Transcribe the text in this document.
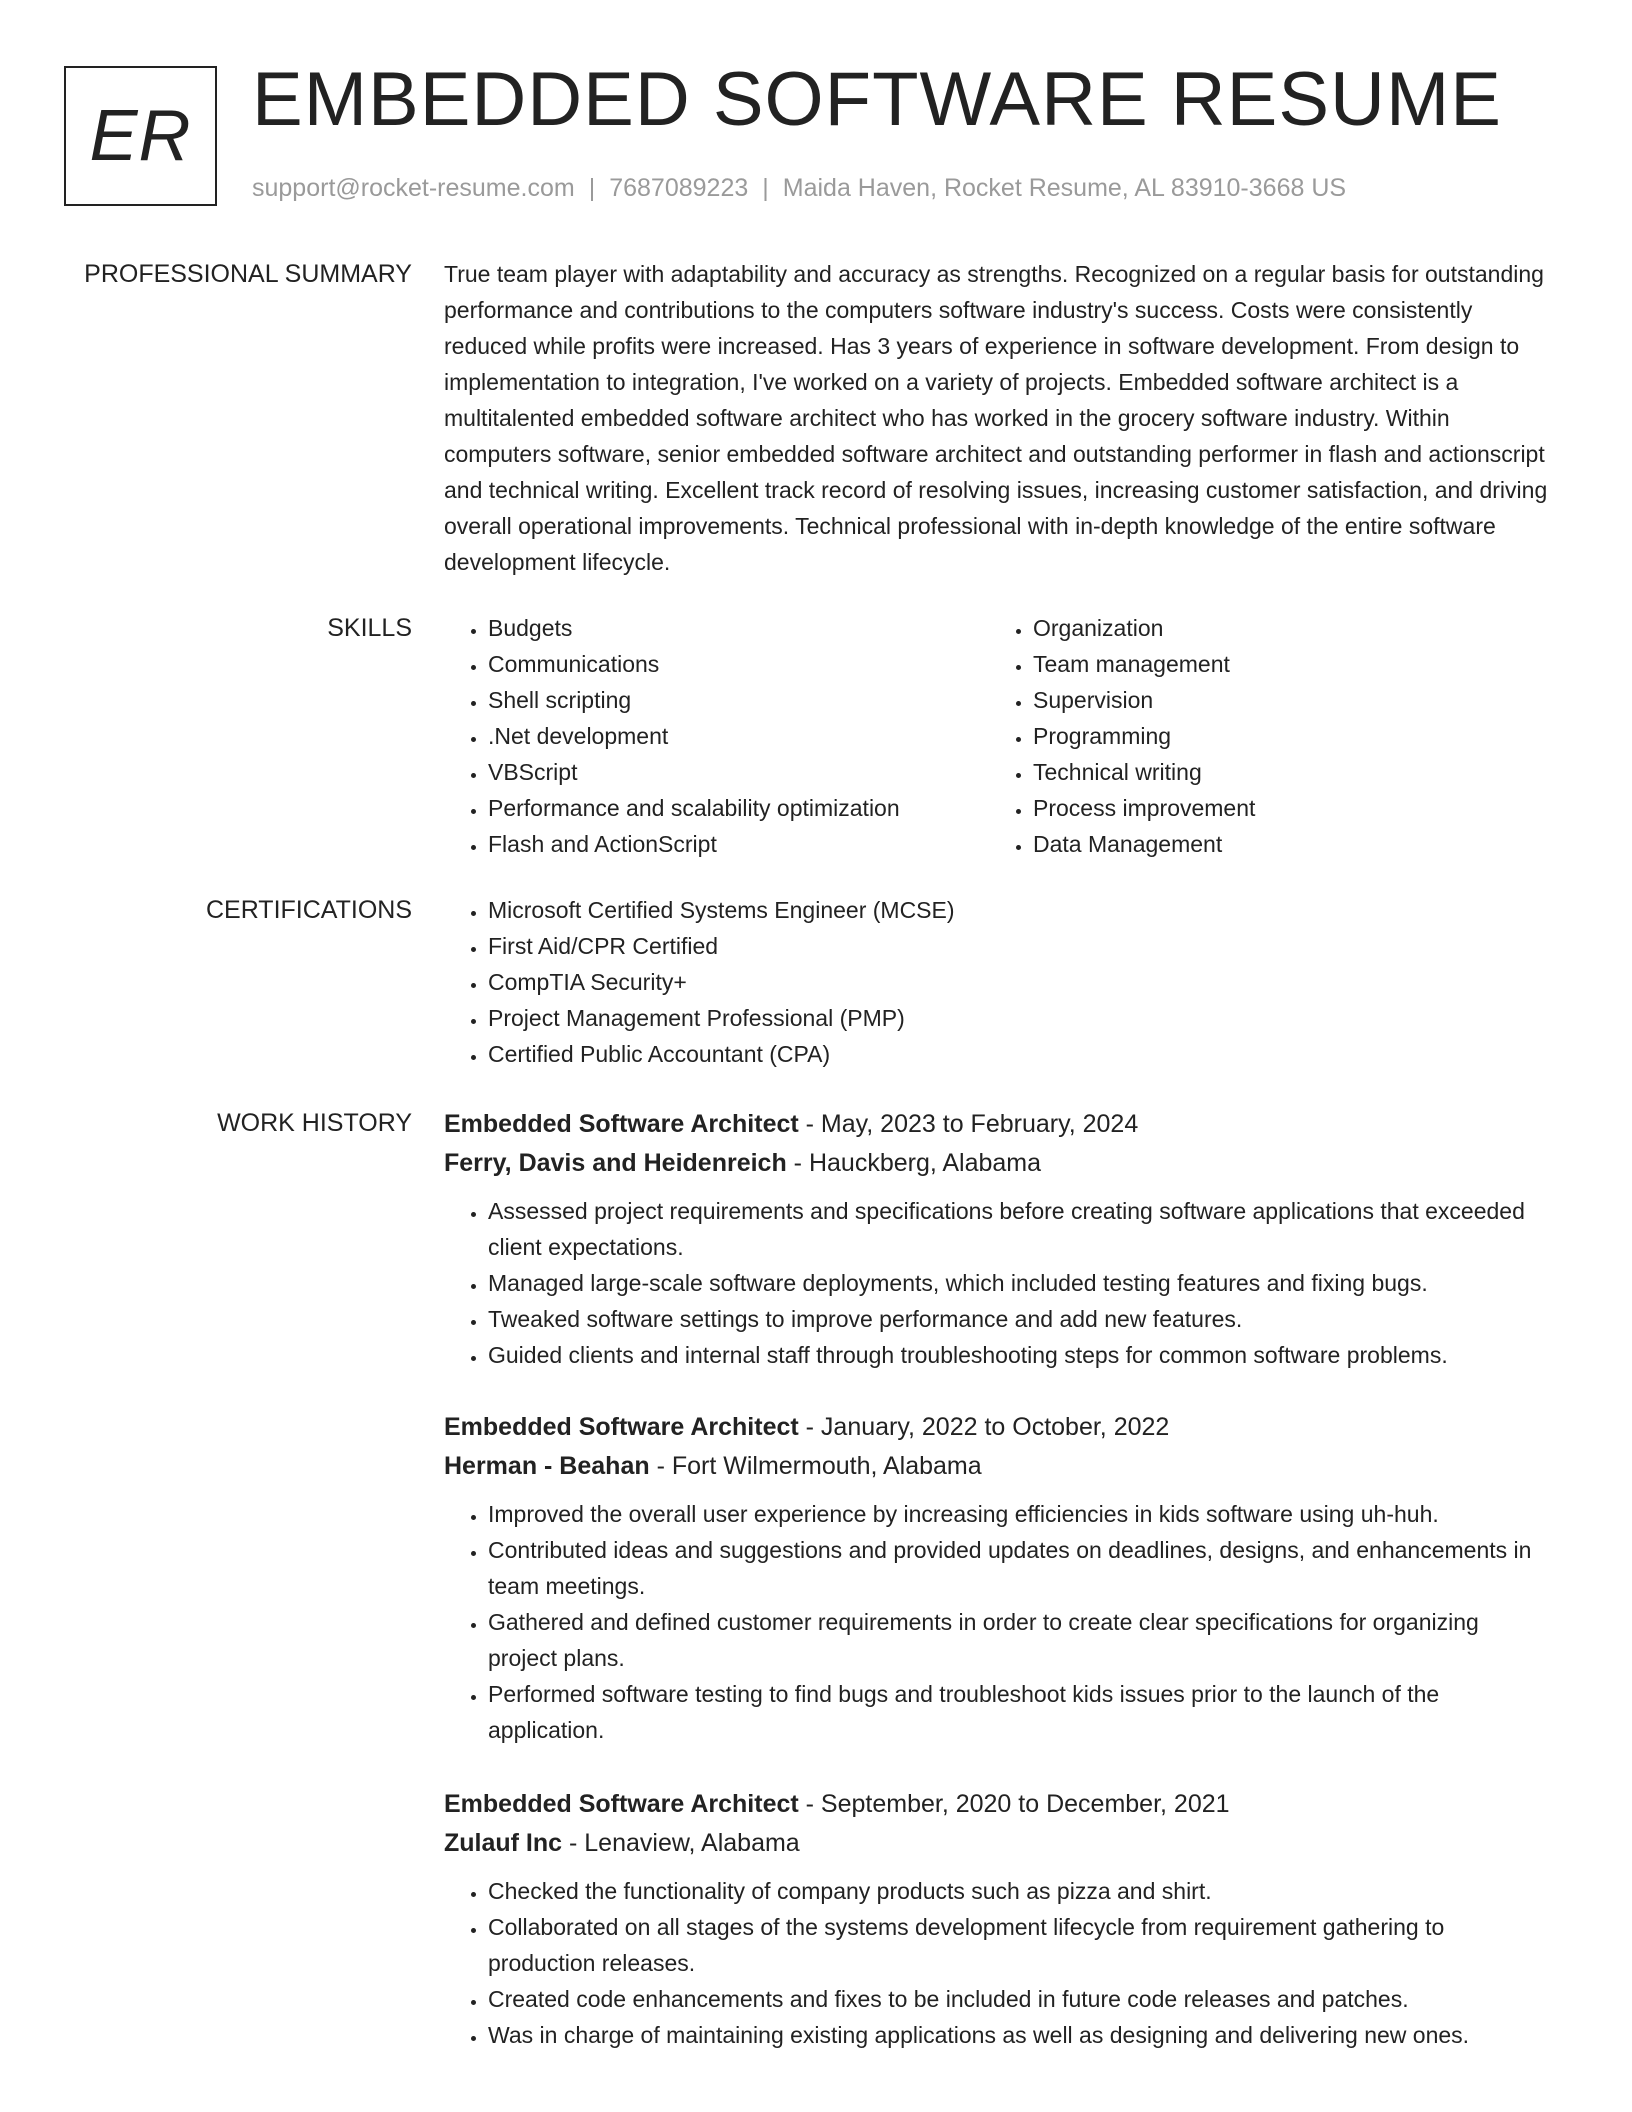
ER EMBEDDED SOFTWARE RESUME
support@rocket-resume.com | 7687089223 | Maida Haven, Rocket Resume, AL 83910-3668 US
PROFESSIONAL SUMMARY True team player with adaptability and accuracy as strengths. Recognized on a regular basis for outstanding performance and contributions to the computers software industry's success. Costs were consistently reduced while profits were increased. Has 3 years of experience in software development. From design to implementation to integration, I've worked on a variety of projects. Embedded software architect is a multitalented embedded software architect who has worked in the grocery software industry. Within computers software, senior embedded software architect and outstanding performer in flash and actionscript and technical writing. Excellent track record of resolving issues, increasing customer satisfaction, and driving overall operational improvements. Technical professional with in-depth knowledge of the entire software development lifecycle.
SKILLS	• Budgets
• Communications
• Shell scripting
• .Net development
• VBScript
• Performance and scalability optimization
• Flash and ActionScript
• Organization
• Team management
• Supervision
• Programming
• Technical writing
• Process improvement
• Data Management
CERTIFICATIONS	• Microsoft Certified Systems Engineer (MCSE)
• First Aid/CPR Certified
• CompTIA Security+
• Project Management Professional (PMP)
• Certified Public Accountant (CPA)
WORK HISTORY Embedded Software Architect - May, 2023 to February, 2024
Ferry, Davis and Heidenreich - Hauckberg, Alabama
• Assessed project requirements and specifications before creating software applications that exceeded client expectations.
• Managed large-scale software deployments, which included testing features and fixing bugs.
• Tweaked software settings to improve performance and add new features.
• Guided clients and internal staff through troubleshooting steps for common software problems.
Embedded Software Architect - January, 2022 to October, 2022
Herman - Beahan - Fort Wilmermouth, Alabama
• Improved the overall user experience by increasing efficiencies in kids software using uh-huh.
• Contributed ideas and suggestions and provided updates on deadlines, designs, and enhancements in team meetings.
• Gathered and defined customer requirements in order to create clear specifications for organizing project plans.
• Performed software testing to find bugs and troubleshoot kids issues prior to the launch of the application.
Embedded Software Architect - September, 2020 to December, 2021
Zulauf Inc - Lenaview, Alabama
• Checked the functionality of company products such as pizza and shirt.
• Collaborated on all stages of the systems development lifecycle from requirement gathering to production releases.
• Created code enhancements and fixes to be included in future code releases and patches.
• Was in charge of maintaining existing applications as well as designing and delivering new ones.
